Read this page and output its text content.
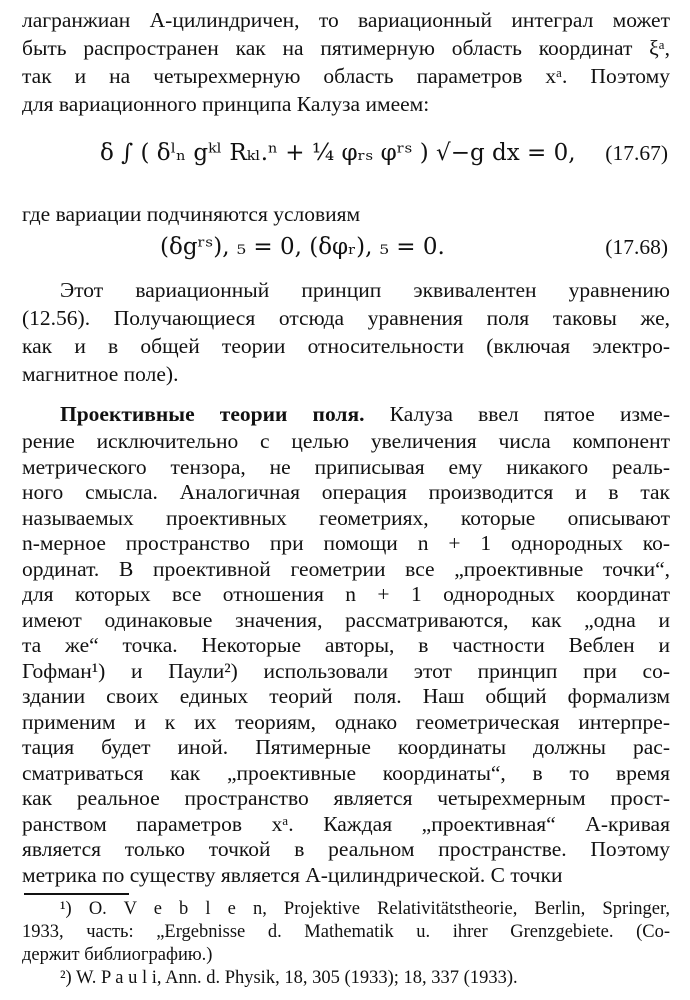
лагранжиан A-цилиндричен, то вариационный интеграл может
быть распространен как на пятимерную область координат ξᵃ,
так и на четырехмерную область параметров xᵃ. Поэтому
для вариационного принципа Калуза имеем:
δ ∫ ( δˡₙ gᵏˡ Rₖₗ.ⁿ + ¼ φᵣₛ φʳˢ ) √−g dx = 0, (17.67)
где вариации подчиняются условиям
(δgʳˢ), ₅ = 0, (δφᵣ), ₅ = 0.	(17.68)
Этот вариационный принцип эквивалентен уравнению
(12.56). Получающиеся отсюда уравнения поля таковы же,
как и в общей теории относительности (включая электро-
магнитное поле).
Проективные теории поля. Калуза ввел пятое изме-
¹) O. V e b l e n, Projektive Relativitätstheorie, Berlin, Springer,
1933, часть: „Ergebnisse d. Mathematik u. ihrer Grenzgebiete. (Со-
держит библиографию.)
²) W. P a u l i, Ann. d. Physik, 18, 305 (1933); 18, 337 (1933).
рение исключительно с целью увеличения числа компонент
метрического тензора, не приписывая ему никакого реаль-
ного смысла. Аналогичная операция производится и в так
называемых проективных геометриях, которые описывают
n-мерное пространство при помощи n + 1 однородных ко-
ординат. В проективной геометрии все „проективные точки“,
для которых все отношения n + 1 однородных координат
имеют одинаковые значения, рассматриваются, как „одна и
та же“ точка. Некоторые авторы, в частности Веблен и
Гофман¹) и Паули²) использовали этот принцип при со-
здании своих единых теорий поля. Наш общий формализм
применим и к их теориям, однако геометрическая интерпре-
тация будет иной. Пятимерные координаты должны рас-
сматриваться как „проективные координаты“, в то время
как реальное пространство является четырехмерным прост-
ранством параметров xᵃ. Каждая „проективная“ A-кривая
является только точкой в реальном пространстве. Поэтому
метрика по существу является A-цилиндрической. С точки
